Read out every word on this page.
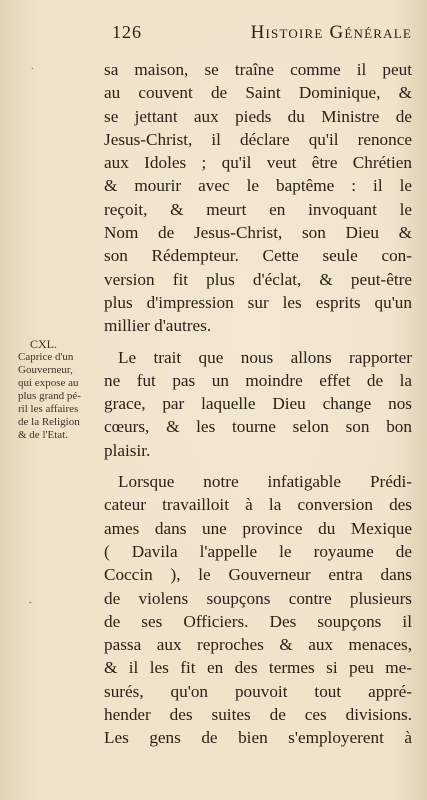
126	Histoire Générale
˙
˘
CXL.
Caprice d'un
Gouverneur,
qui expose au
plus grand pé-
ril les affaires
de la Religion
& de l'Etat.
sa maison, se traîne comme il peut
au couvent de Saint Dominique, &
se jettant aux pieds du Ministre de
Jesus-Christ, il déclare qu'il renonce
aux Idoles ; qu'il veut être Chrétien
& mourir avec le baptême : il le
reçoit, & meurt en invoquant le
Nom de Jesus-Christ, son Dieu &
son Rédempteur. Cette seule con-
version fit plus d'éclat, & peut-être
plus d'impression sur les esprits qu'un
millier d'autres.
Le trait que nous allons rapporter
ne fut pas un moindre effet de la
grace, par laquelle Dieu change nos
cœurs, & les tourne selon son bon
plaisir.
Lorsque notre infatigable Prédi-
cateur travailloit à la conversion des
ames dans une province du Mexique
( Davila l'appelle le royaume de
Coccin ), le Gouverneur entra dans
de violens soupçons contre plusieurs
de ses Officiers. Des soupçons il
passa aux reproches & aux menaces,
& il les fit en des termes si peu me-
surés, qu'on pouvoit tout appré-
hender des suites de ces divisions.
Les gens de bien s'employerent à
